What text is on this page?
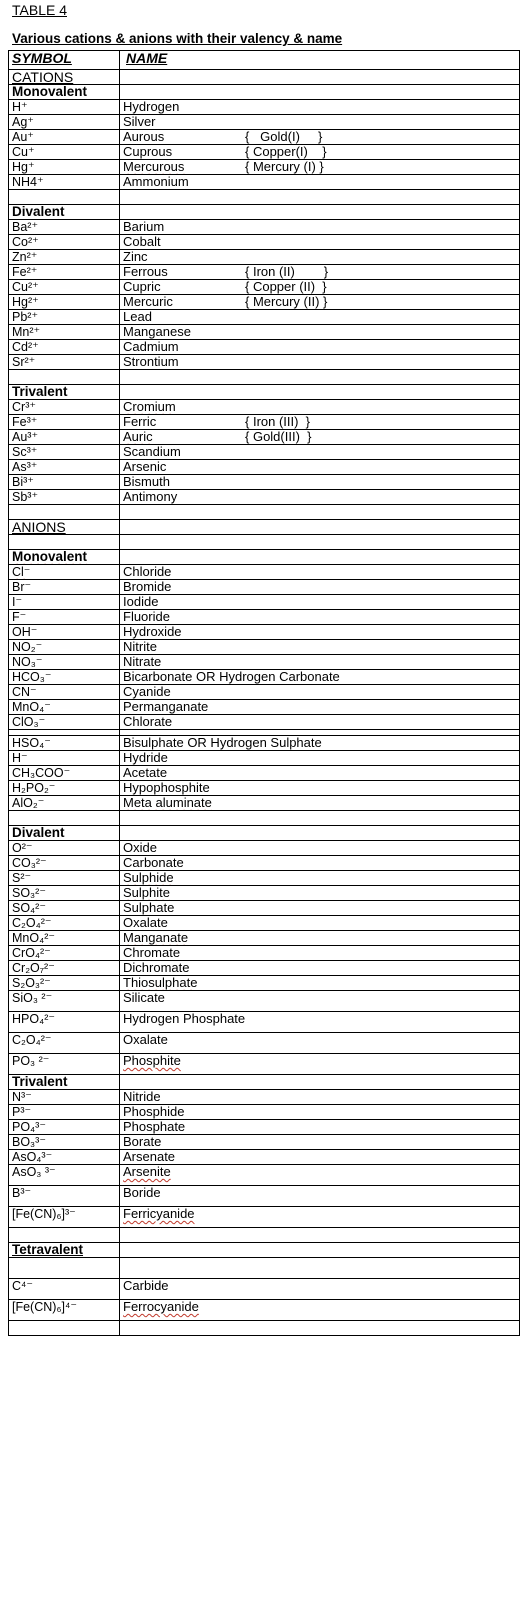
TABLE 4
Various cations & anions with their valency & name
SYMBOL	NAME
CATIONS	

Monovalent	

H⁺	Hydrogen

Ag⁺	Silver

Au⁺	Aurous {   Gold(I)     }

Cu⁺	Cuprous { Copper(I)    }

Hg⁺	Mercurous { Mercury (I) }

NH4⁺	Ammonium

Divalent	

Ba²⁺	Barium

Co²⁺	Cobalt

Zn²⁺	Zinc

Fe²⁺	Ferrous { Iron (II)        }

Cu²⁺	Cupric { Copper (II)  }

Hg²⁺	Mercuric { Mercury (II) }

Pb²⁺	Lead

Mn²⁺	Manganese

Cd²⁺	Cadmium

Sr²⁺	Strontium

Trivalent	

Cr³⁺	Cromium

Fe³⁺	Ferric { Iron (III)  }

Au³⁺	Auric { Gold(III)  }

Sc³⁺	Scandium

As³⁺	Arsenic

Bi³⁺	Bismuth

Sb³⁺	Antimony

ANIONS	

Monovalent	

Cl⁻	Chloride

Br⁻	Bromide

I⁻	Iodide

F⁻	Fluoride

OH⁻	Hydroxide

NO₂⁻	Nitrite

NO₃⁻	Nitrate

HCO₃⁻	Bicarbonate OR Hydrogen Carbonate

CN⁻	Cyanide

MnO₄⁻	Permanganate

ClO₃⁻	Chlorate

HSO₄⁻	Bisulphate OR Hydrogen Sulphate

H⁻	Hydride

CH₃COO⁻	Acetate

H₂PO₂⁻	Hypophosphite

AlO₂⁻	Meta aluminate

Divalent	

O²⁻	Oxide

CO₃²⁻	Carbonate

S²⁻	Sulphide

SO₃²⁻	Sulphite

SO₄²⁻	Sulphate

C₂O₄²⁻	Oxalate

MnO₄²⁻	Manganate

CrO₄²⁻	Chromate

Cr₂O₇²⁻	Dichromate

S₂O₃²⁻	Thiosulphate

SiO₃ ²⁻	Silicate

HPO₄²⁻	Hydrogen Phosphate

C₂O₄²⁻	Oxalate

PO₃ ²⁻	Phosphite

Trivalent	

N³⁻	Nitride

P³⁻	Phosphide

PO₄³⁻	Phosphate

BO₃³⁻	Borate

AsO₄³⁻	Arsenate

AsO₃ ³⁻	Arsenite

B³⁻	Boride

[Fe(CN)₆]³⁻	Ferricyanide

Tetravalent	

C⁴⁻	Carbide

[Fe(CN)₆]⁴⁻	Ferrocyanide
